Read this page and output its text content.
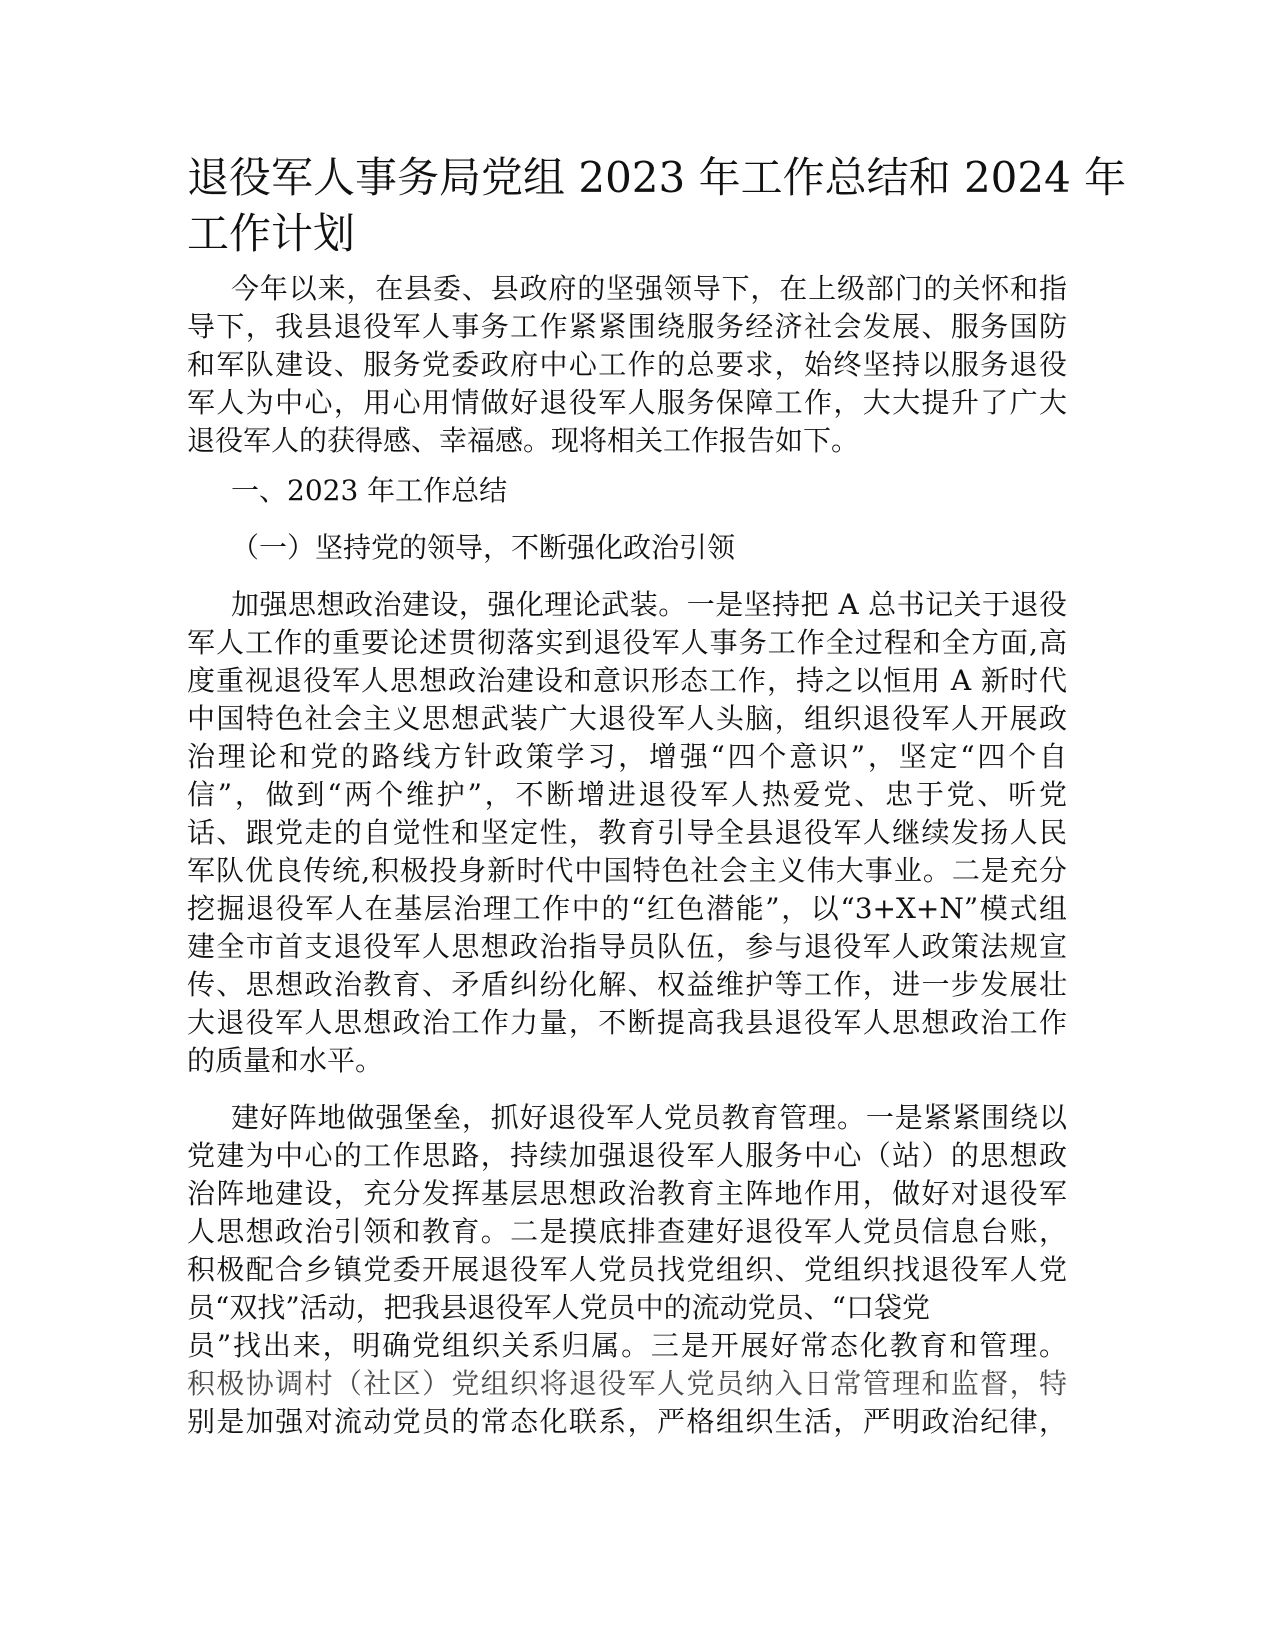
退役军人事务局党组 2023 年工作总结和 2024 年
工作计划
今年以来，在县委、县政府的坚强领导下，在上级部门的关怀和指
导下，我县退役军人事务工作紧紧围绕服务经济社会发展、服务国防
和军队建设、服务党委政府中心工作的总要求，始终坚持以服务退役
军人为中心，用心用情做好退役军人服务保障工作，大大提升了广大
退役军人的获得感、幸福感。现将相关工作报告如下。
一、2023 年工作总结
（一）坚持党的领导，不断强化政治引领
加强思想政治建设，强化理论武装。一是坚持把 A 总书记关于退役
军人工作的重要论述贯彻落实到退役军人事务工作全过程和全方面,高
度重视退役军人思想政治建设和意识形态工作，持之以恒用 A 新时代
中国特色社会主义思想武装广大退役军人头脑，组织退役军人开展政
治理论和党的路线方针政策学习，增强“四个意识”，坚定“四个自
信”，做到“两个维护”，不断增进退役军人热爱党、忠于党、听党
话、跟党走的自觉性和坚定性，教育引导全县退役军人继续发扬人民
军队优良传统,积极投身新时代中国特色社会主义伟大事业。二是充分
挖掘退役军人在基层治理工作中的“红色潜能”，以“3+X+N”模式组
建全市首支退役军人思想政治指导员队伍，参与退役军人政策法规宣
传、思想政治教育、矛盾纠纷化解、权益维护等工作，进一步发展壮
大退役军人思想政治工作力量，不断提高我县退役军人思想政治工作
的质量和水平。
建好阵地做强堡垒，抓好退役军人党员教育管理。一是紧紧围绕以
党建为中心的工作思路，持续加强退役军人服务中心（站）的思想政
治阵地建设，充分发挥基层思想政治教育主阵地作用，做好对退役军
人思想政治引领和教育。二是摸底排查建好退役军人党员信息台账，
积极配合乡镇党委开展退役军人党员找党组织、党组织找退役军人党
员“双找”活动，把我县退役军人党员中的流动党员、“口袋党
员”找出来，明确党组织关系归属。三是开展好常态化教育和管理。
积极协调村（社区）党组织将退役军人党员纳入日常管理和监督，特
别是加强对流动党员的常态化联系，严格组织生活，严明政治纪律，
